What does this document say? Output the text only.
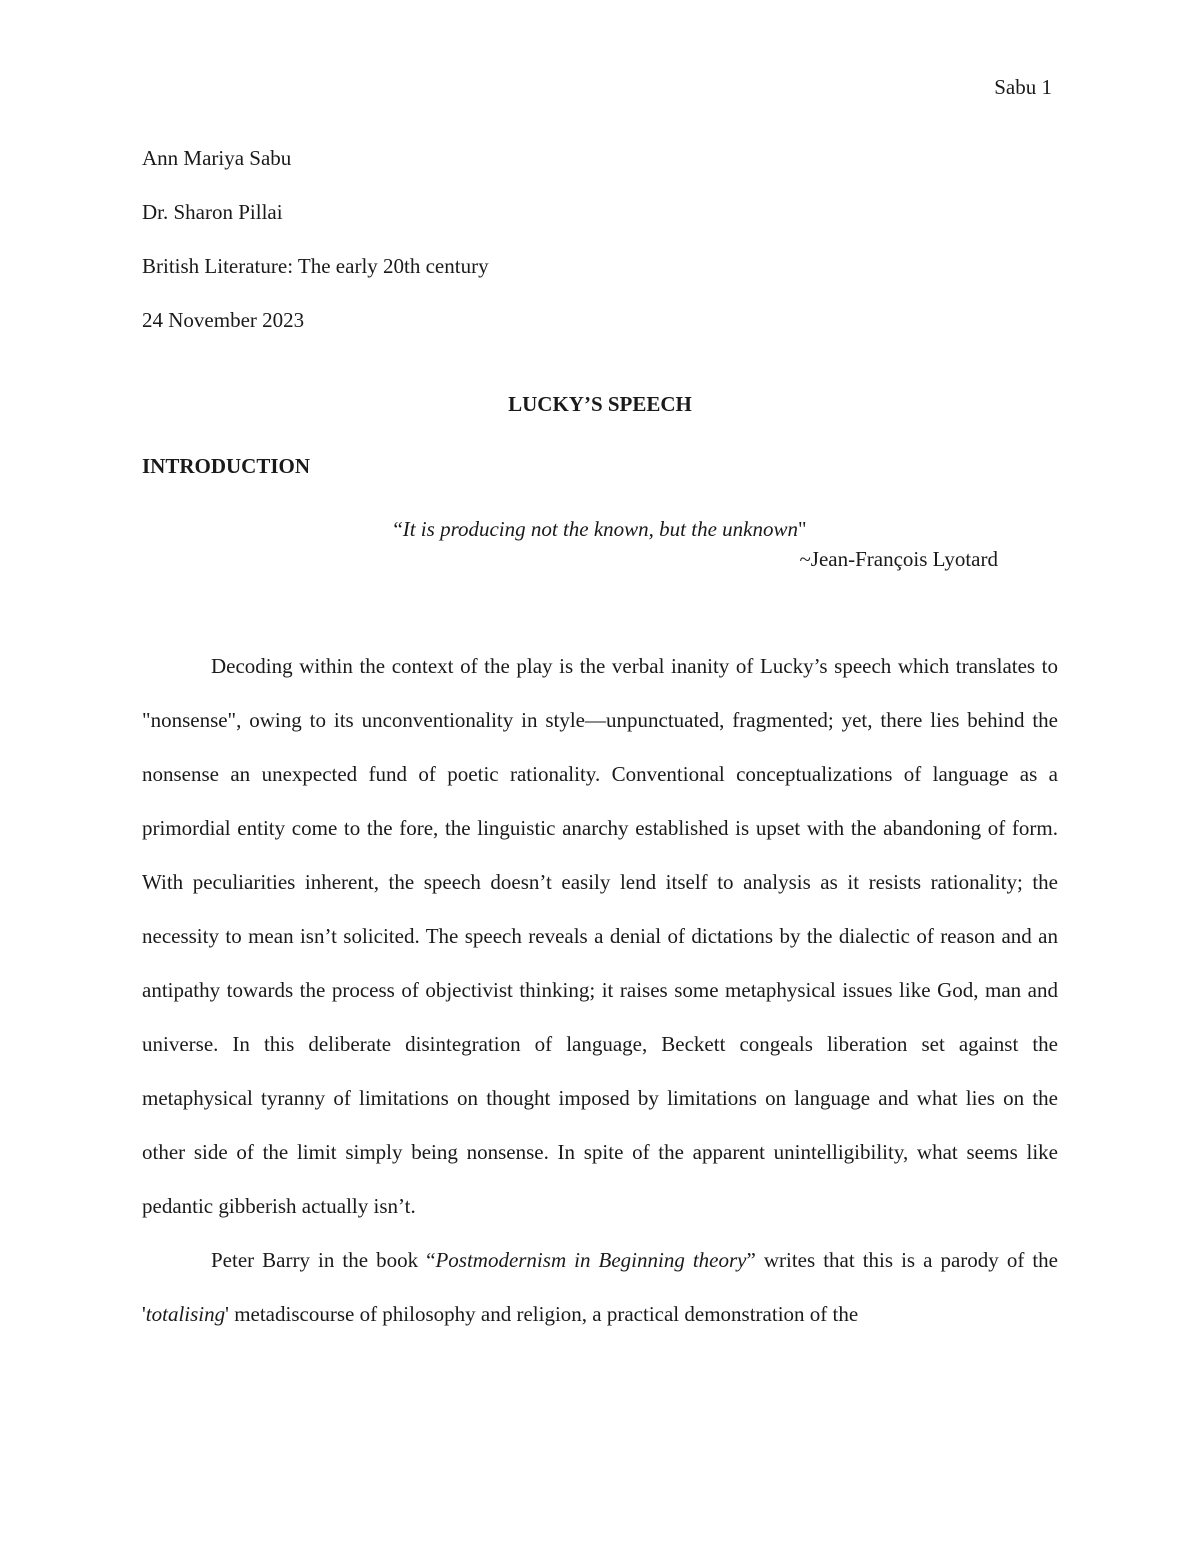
Sabu 1
Ann Mariya Sabu
Dr. Sharon Pillai
British Literature: The early 20th century
24 November 2023
LUCKY’S SPEECH
INTRODUCTION
“It is producing not the known, but the unknown"
~Jean-François Lyotard

Decoding within the context of the play is the verbal inanity of Lucky’s speech which translates to "nonsense", owing to its unconventionality in style—unpunctuated, fragmented; yet, there lies behind the nonsense an unexpected fund of poetic rationality. Conventional conceptualizations of language as a primordial entity come to the fore, the linguistic anarchy established is upset with the abandoning of form. With peculiarities inherent, the speech doesn’t easily lend itself to analysis as it resists rationality; the necessity to mean isn’t solicited. The speech reveals a denial of dictations by the dialectic of reason and an antipathy towards the process of objectivist thinking; it raises some metaphysical issues like God, man and universe. In this deliberate disintegration of language, Beckett congeals liberation set against the metaphysical tyranny of limitations on thought imposed by limitations on language and what lies on the other side of the limit simply being nonsense. In spite of the apparent unintelligibility, what seems like pedantic gibberish actually isn’t.

Peter Barry in the book “Postmodernism in Beginning theory” writes that this is a parody of the 'totalising' metadiscourse of philosophy and religion, a practical demonstration of the
